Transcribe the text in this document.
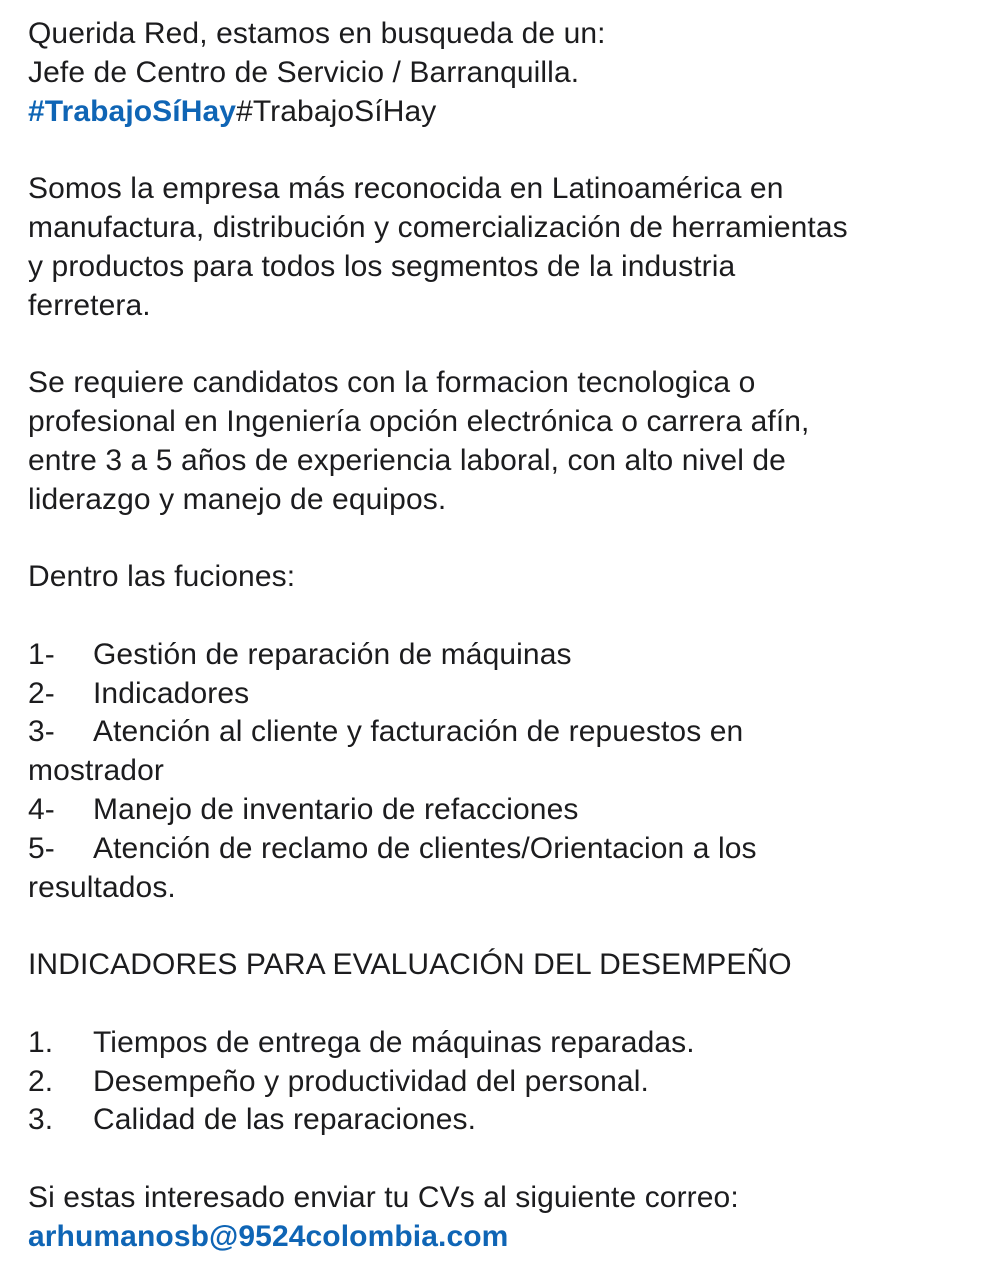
Querida Red, estamos en busqueda de un:
Jefe de Centro de Servicio / Barranquilla.
#TrabajoSíHay#TrabajoSíHay
Somos la empresa más reconocida en Latinoamérica en
manufactura, distribución y comercialización de herramientas
y productos para todos los segmentos de la industria
ferretera.
Se requiere candidatos con la formacion tecnologica o
profesional en Ingeniería opción electrónica o carrera afín,
entre 3 a 5 años de experiencia laboral, con alto nivel de
liderazgo y manejo de equipos.
Dentro las fuciones:
1- Gestión de reparación de máquinas
2- Indicadores
3- Atención al cliente y facturación de repuestos en
mostrador
4- Manejo de inventario de refacciones
5- Atención de reclamo de clientes/Orientacion a los
resultados.
INDICADORES PARA EVALUACIÓN DEL DESEMPEÑO
1. Tiempos de entrega de máquinas reparadas.
2. Desempeño y productividad del personal.
3. Calidad de las reparaciones.
Si estas interesado enviar tu CVs al siguiente correo:
arhumanosb@9524colombia.com
